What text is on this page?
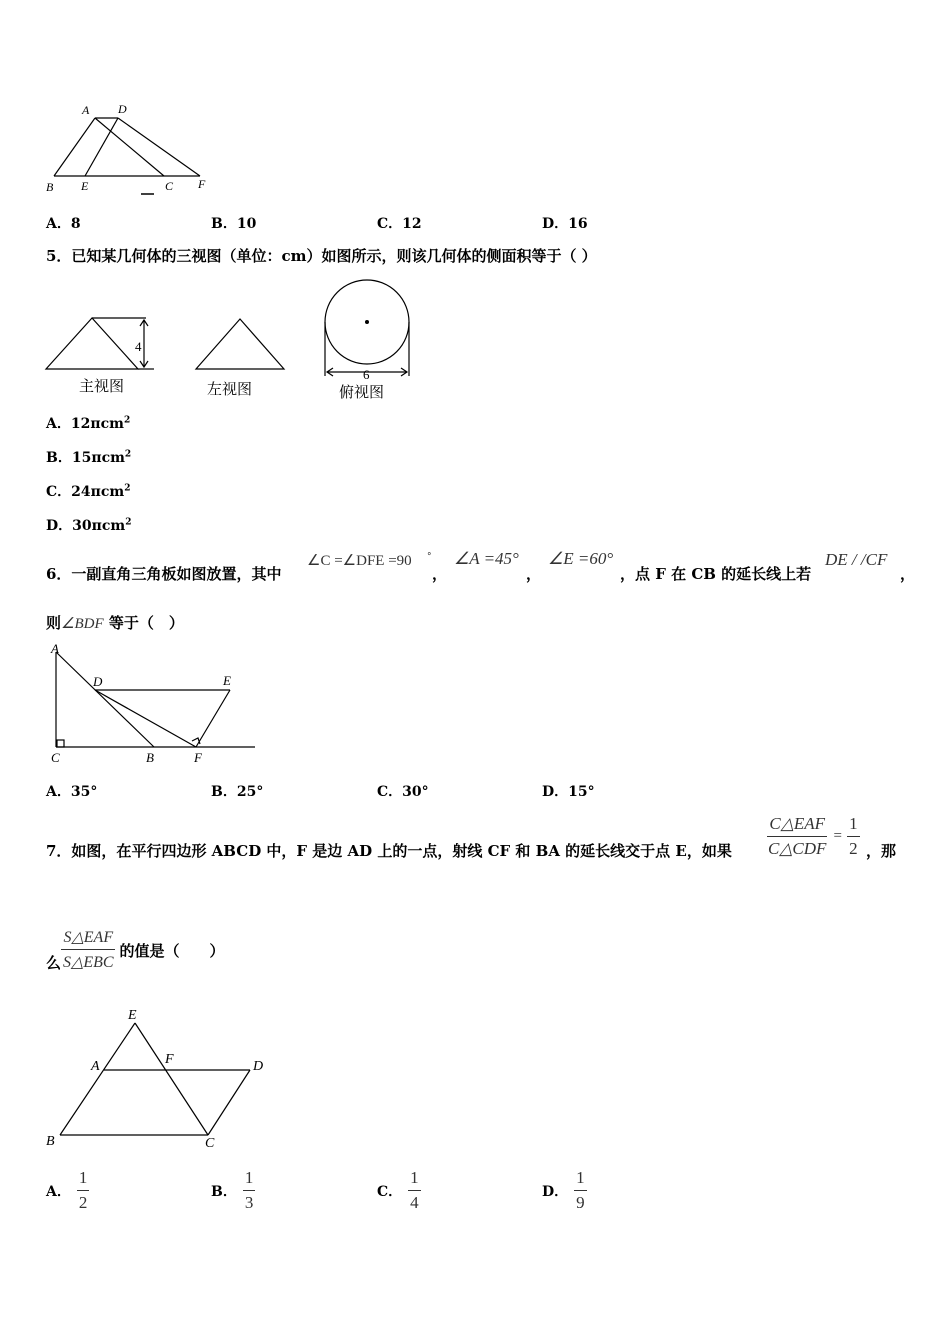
A D
B E	C F
A．8	B．10	C．12	D．16
5．已知某几何体的三视图（单位：cm）如图所示，则该几何体的侧面积等于（ ）
4
6
主视图	左视图	俯视图
A．12πcm$^2$
B．15πcm$^2$
C．24πcm$^2$
D．30πcm$^2$
6．一副直角三角板如图放置，其中
∠C =∠DFE =90 °
，
∠A =45°
，
∠E =60°
，点 F 在 CB 的延长线上若
DE / /CF
，
则∠BDF 等于（　）
A
D	E
C	B	F
A．35°	B．25°	C．30°	D．15°
7．如图，在平行四边形 ABCD 中，F 是边 AD 上的一点，射线 CF 和 BA 的延长线交于点 E，如果 $\frac{\text{C△EAF}}{\text{C△CDF}} = \frac{1}{2}$ ，那
么 $\frac{\text{S△EAF}}{\text{S△EBC}}$ 的值是（　　）
E
A	F	D
B	C
A． $\frac{1}{2}$	B． $\frac{1}{3}$	C． $\frac{1}{4}$	D． $\frac{1}{9}$
